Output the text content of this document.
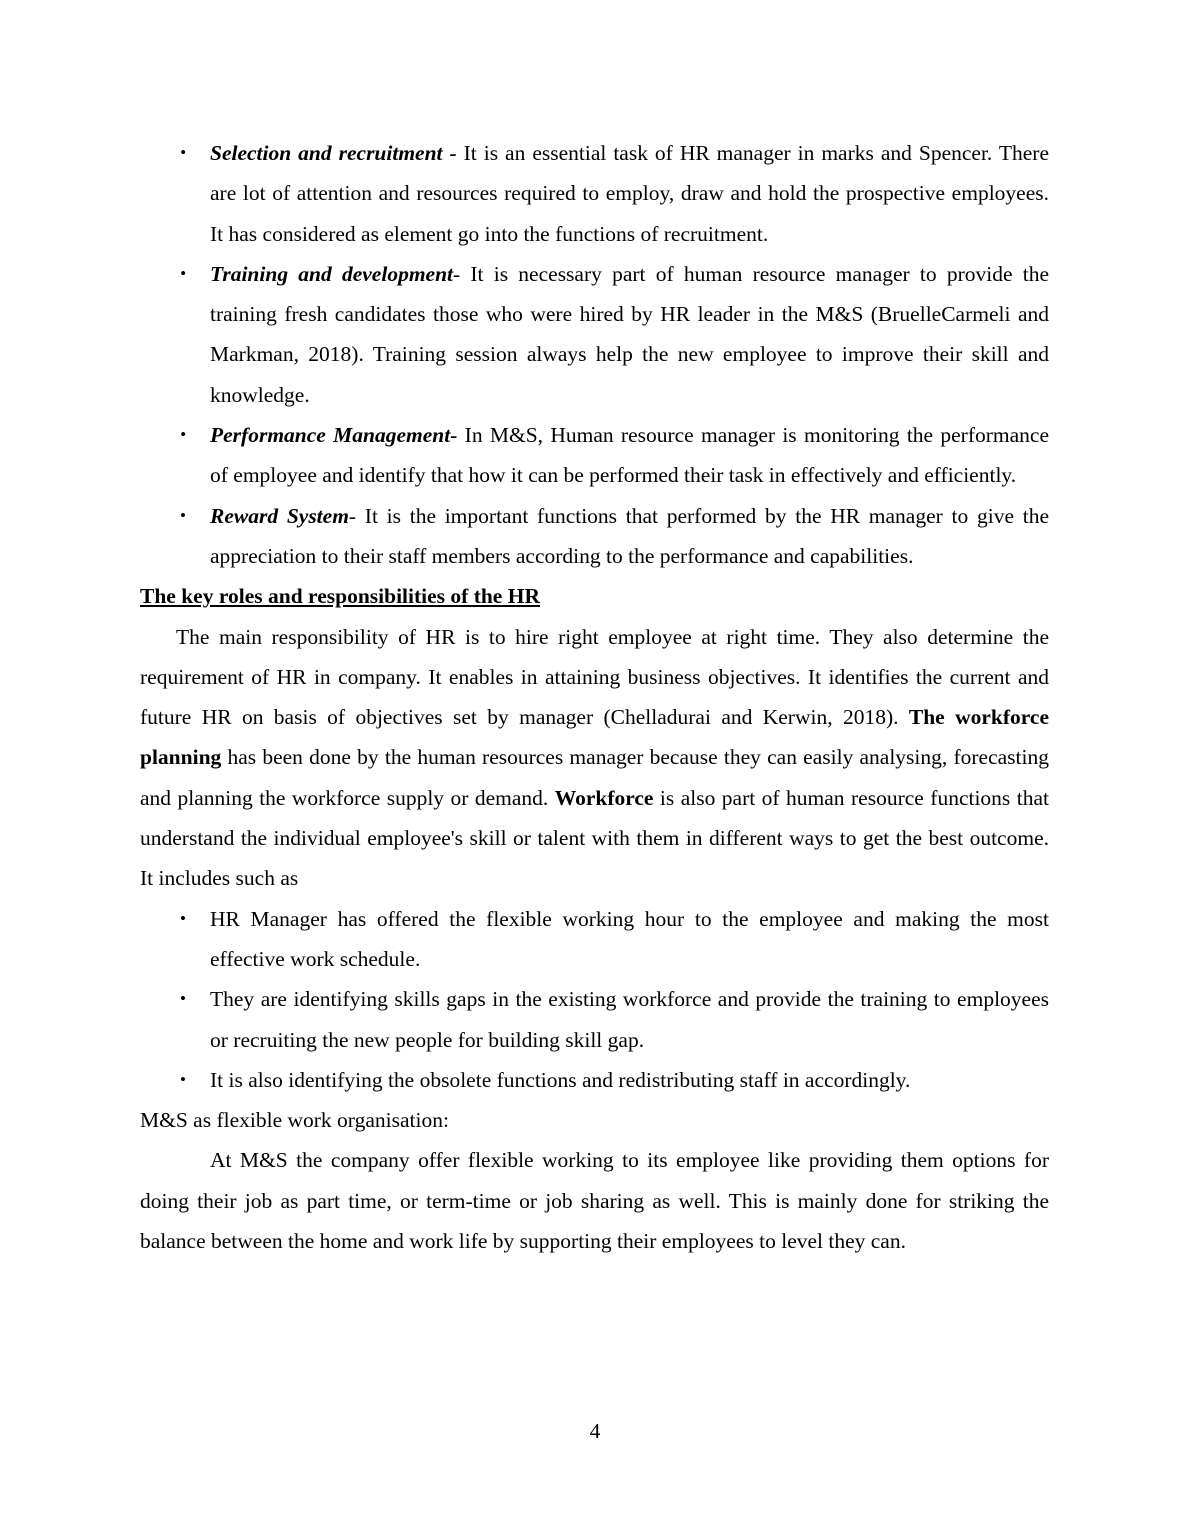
• Selection and recruitment - It is an essential task of HR manager in marks and Spencer. There are lot of attention and resources required to employ, draw and hold the prospective employees. It has considered as element go into the functions of recruitment.
• Training and development- It is necessary part of human resource manager to provide the training fresh candidates those who were hired by HR leader in the M&S (BruelleCarmeli and Markman, 2018). Training session always help the new employee to improve their skill and knowledge.
• Performance Management- In M&S, Human resource manager is monitoring the performance of employee and identify that how it can be performed their task in effectively and efficiently.
• Reward System- It is the important functions that performed by the HR manager to give the appreciation to their staff members according to the performance and capabilities.
The key roles and responsibilities of the HR
The main responsibility of HR is to hire right employee at right time. They also determine the requirement of HR in company. It enables in attaining business objectives. It identifies the current and future HR on basis of objectives set by manager (Chelladurai and Kerwin, 2018). The workforce planning has been done by the human resources manager because they can easily analysing, forecasting and planning the workforce supply or demand. Workforce is also part of human resource functions that understand the individual employee's skill or talent with them in different ways to get the best outcome. It includes such as
• HR Manager has offered the flexible working hour to the employee and making the most effective work schedule.
• They are identifying skills gaps in the existing workforce and provide the training to employees or recruiting the new people for building skill gap.
• It is also identifying the obsolete functions and redistributing staff in accordingly.
M&S as flexible work organisation:
At M&S the company offer flexible working to its employee like providing them options for doing their job as part time, or term-time or job sharing as well. This is mainly done for striking the balance between the home and work life by supporting their employees to level they can.
4
